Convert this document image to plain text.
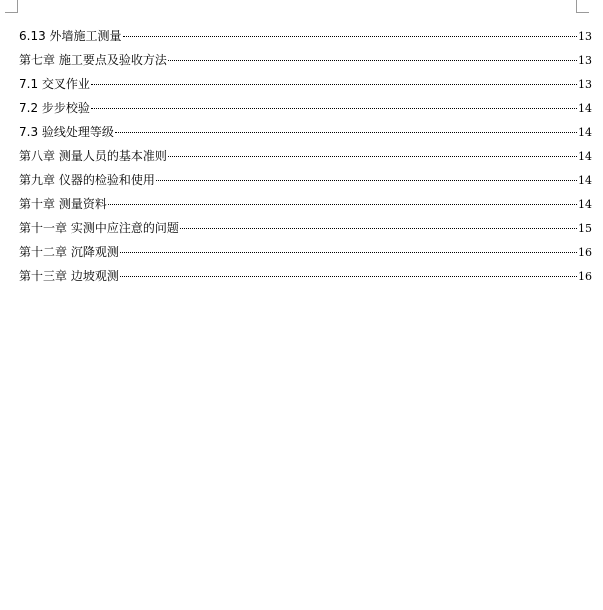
6.13 外墙施工测量	13
第七章 施工要点及验收方法	13
7.1 交叉作业	13
7.2 步步校验	14
7.3 验线处理等级	14
第八章 测量人员的基本准则	14
第九章 仪器的检验和使用	14
第十章 测量资料	14
第十一章 实测中应注意的问题	15
第十二章 沉降观测	16
第十三章 边坡观测	16
